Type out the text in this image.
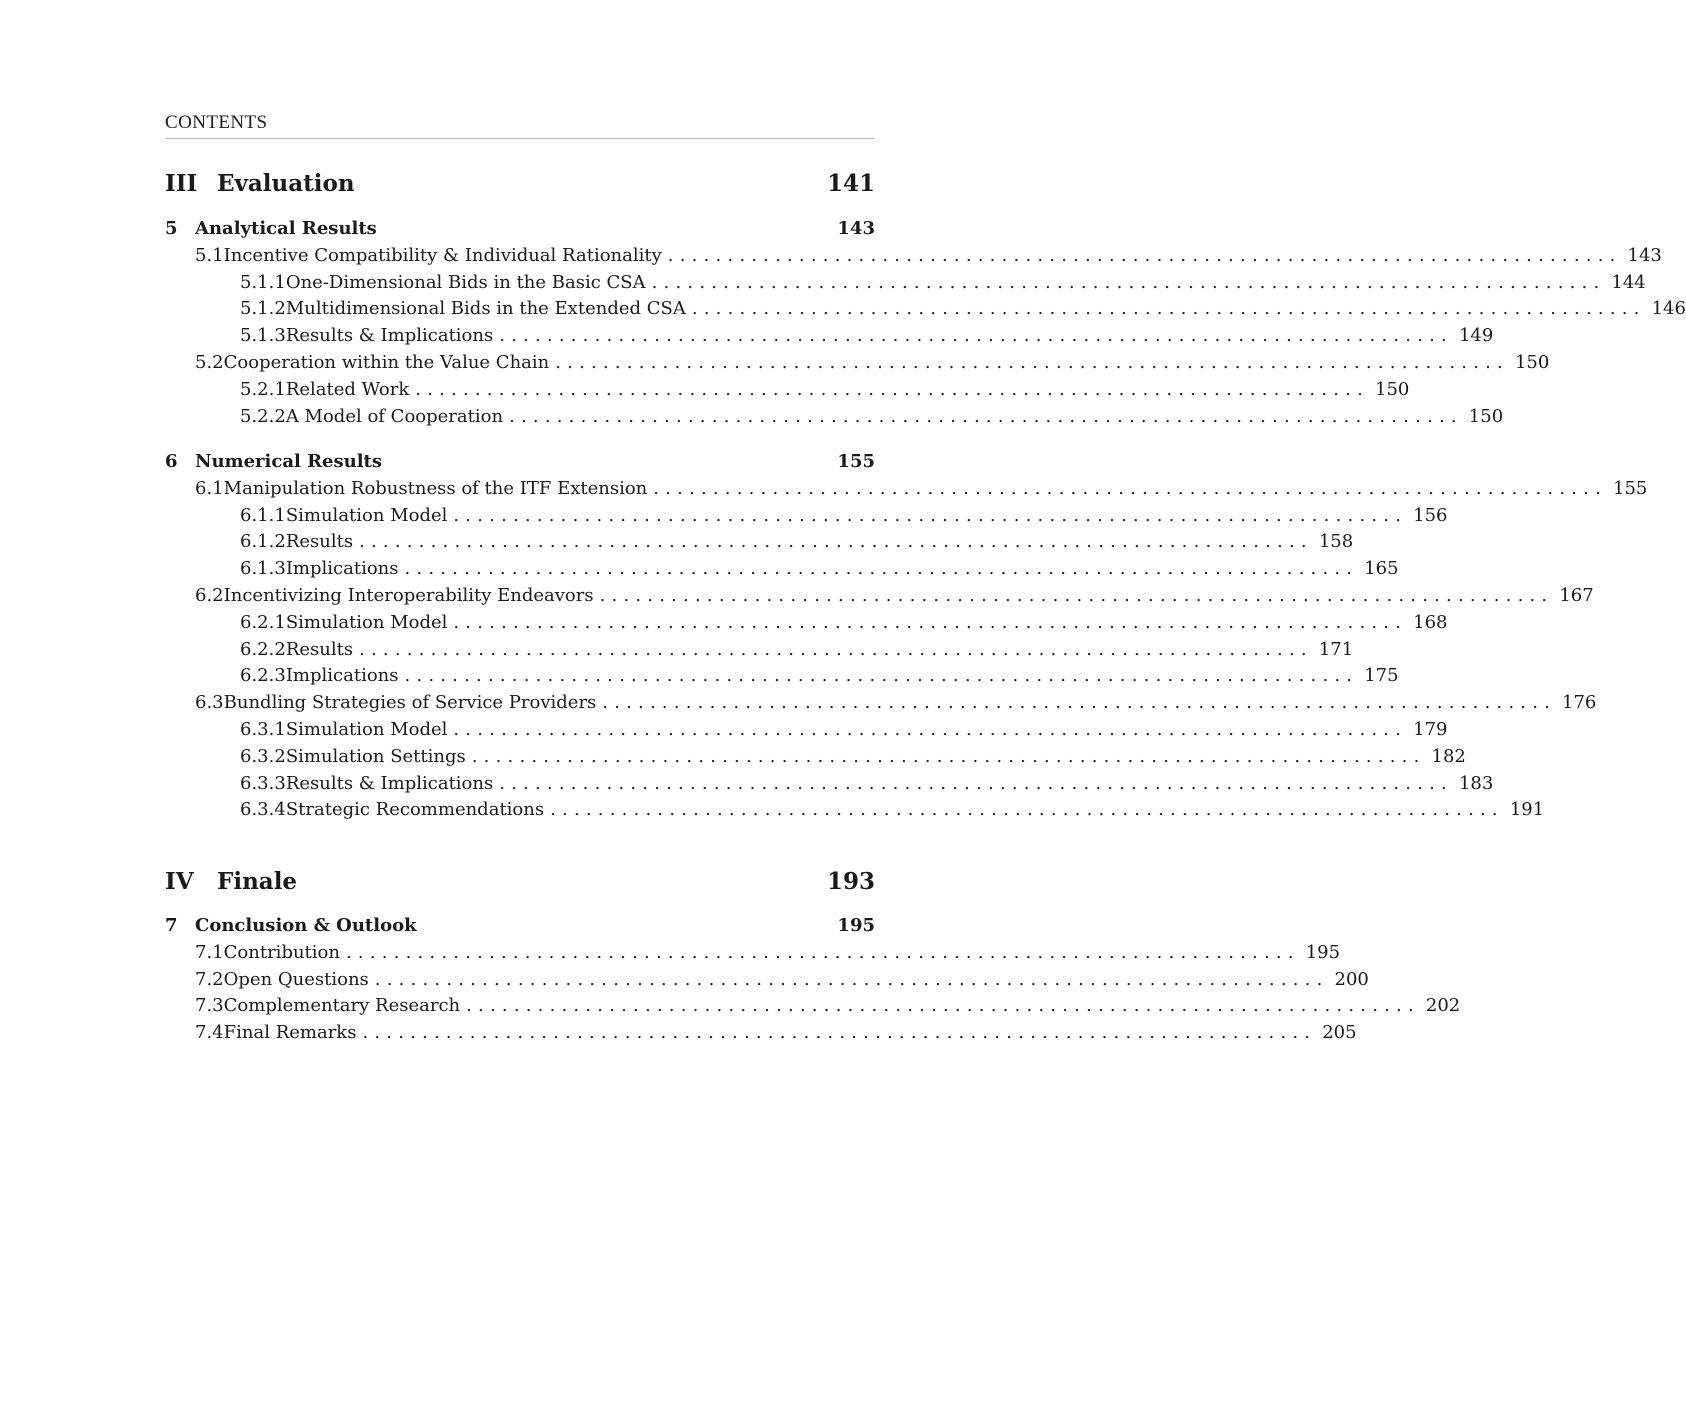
CONTENTS
III Evaluation	141
5 Analytical Results	143
5.1 Incentive Compatibility & Individual Rationality ................................................................................ 143
5.1.1 One-Dimensional Bids in the Basic CSA ................................................................................ 144
5.1.2 Multidimensional Bids in the Extended CSA ................................................................................ 146
5.1.3 Results & Implications ................................................................................ 149
5.2 Cooperation within the Value Chain ................................................................................ 150
5.2.1 Related Work ................................................................................ 150
5.2.2 A Model of Cooperation ................................................................................ 150
6 Numerical Results	155
6.1 Manipulation Robustness of the ITF Extension ................................................................................ 155
6.1.1 Simulation Model ................................................................................ 156
6.1.2 Results ................................................................................ 158
6.1.3 Implications ................................................................................ 165
6.2 Incentivizing Interoperability Endeavors ................................................................................ 167
6.2.1 Simulation Model ................................................................................ 168
6.2.2 Results ................................................................................ 171
6.2.3 Implications ................................................................................ 175
6.3 Bundling Strategies of Service Providers ................................................................................ 176
6.3.1 Simulation Model ................................................................................ 179
6.3.2 Simulation Settings ................................................................................ 182
6.3.3 Results & Implications ................................................................................ 183
6.3.4 Strategic Recommendations ................................................................................ 191
IV	Finale	193
7 Conclusion & Outlook	195
7.1 Contribution ................................................................................ 195
7.2 Open Questions ................................................................................ 200
7.3 Complementary Research ................................................................................ 202
7.4 Final Remarks ................................................................................ 205
